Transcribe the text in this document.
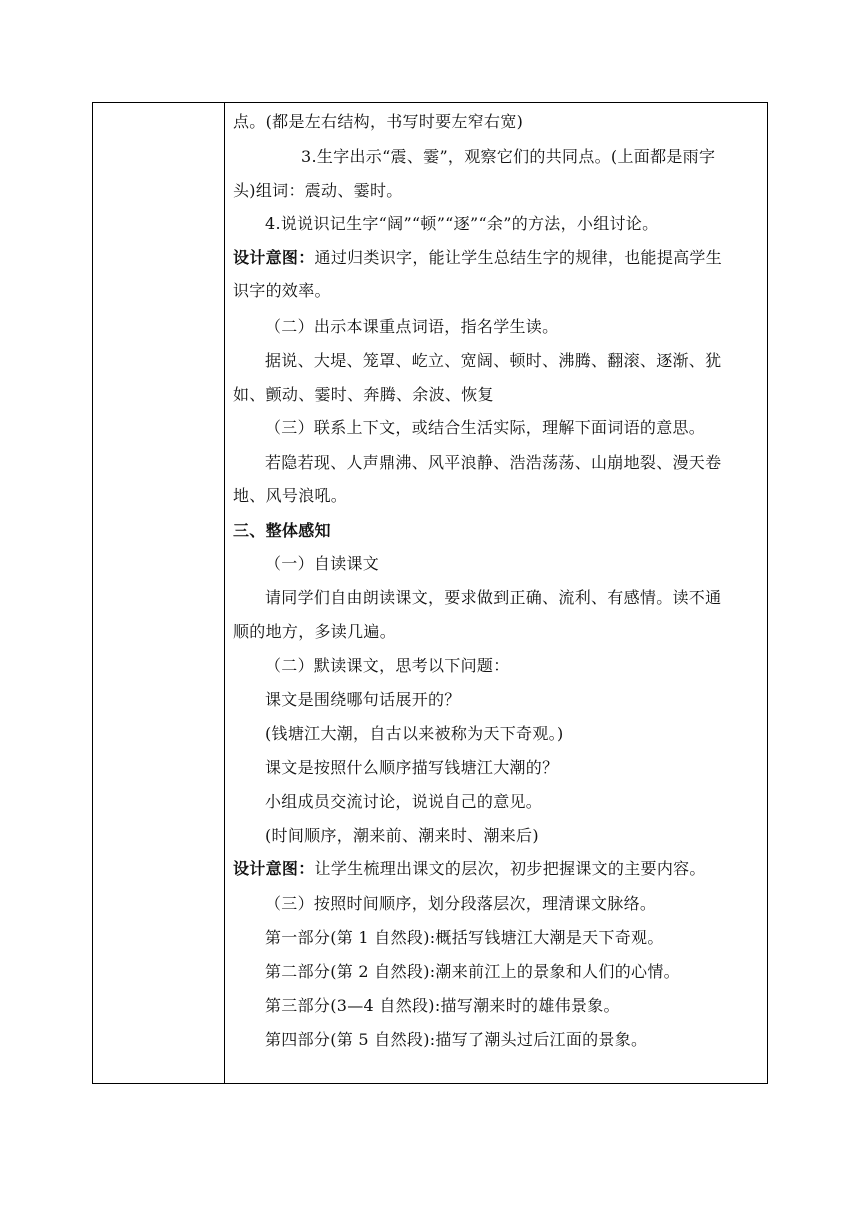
点。(都是左右结构，书写时要左窄右宽)
3.生字出示“震、霎”，观察它们的共同点。(上面都是雨字
头)组词：震动、霎时。
4.说说识记生字“阔”“顿”“逐”“余”的方法，小组讨论。
设计意图：通过归类识字，能让学生总结生字的规律，也能提高学生
识字的效率。
（二）出示本课重点词语，指名学生读。
据说、大堤、笼罩、屹立、宽阔、顿时、沸腾、翻滚、逐渐、犹
如、颤动、霎时、奔腾、余波、恢复
（三）联系上下文，或结合生活实际，理解下面词语的意思。
若隐若现、人声鼎沸、风平浪静、浩浩荡荡、山崩地裂、漫天卷
地、风号浪吼。
三、整体感知
（一）自读课文
请同学们自由朗读课文，要求做到正确、流利、有感情。读不通
顺的地方，多读几遍。
（二）默读课文，思考以下问题：
课文是围绕哪句话展开的？
(钱塘江大潮，自古以来被称为天下奇观。)
课文是按照什么顺序描写钱塘江大潮的？
小组成员交流讨论，说说自己的意见。
(时间顺序，潮来前、潮来时、潮来后)
设计意图：让学生梳理出课文的层次，初步把握课文的主要内容。
（三）按照时间顺序，划分段落层次，理清课文脉络。
第一部分(第 1 自然段):概括写钱塘江大潮是天下奇观。
第二部分(第 2 自然段):潮来前江上的景象和人们的心情。
第三部分(3—4 自然段):描写潮来时的雄伟景象。
第四部分(第 5 自然段):描写了潮头过后江面的景象。
